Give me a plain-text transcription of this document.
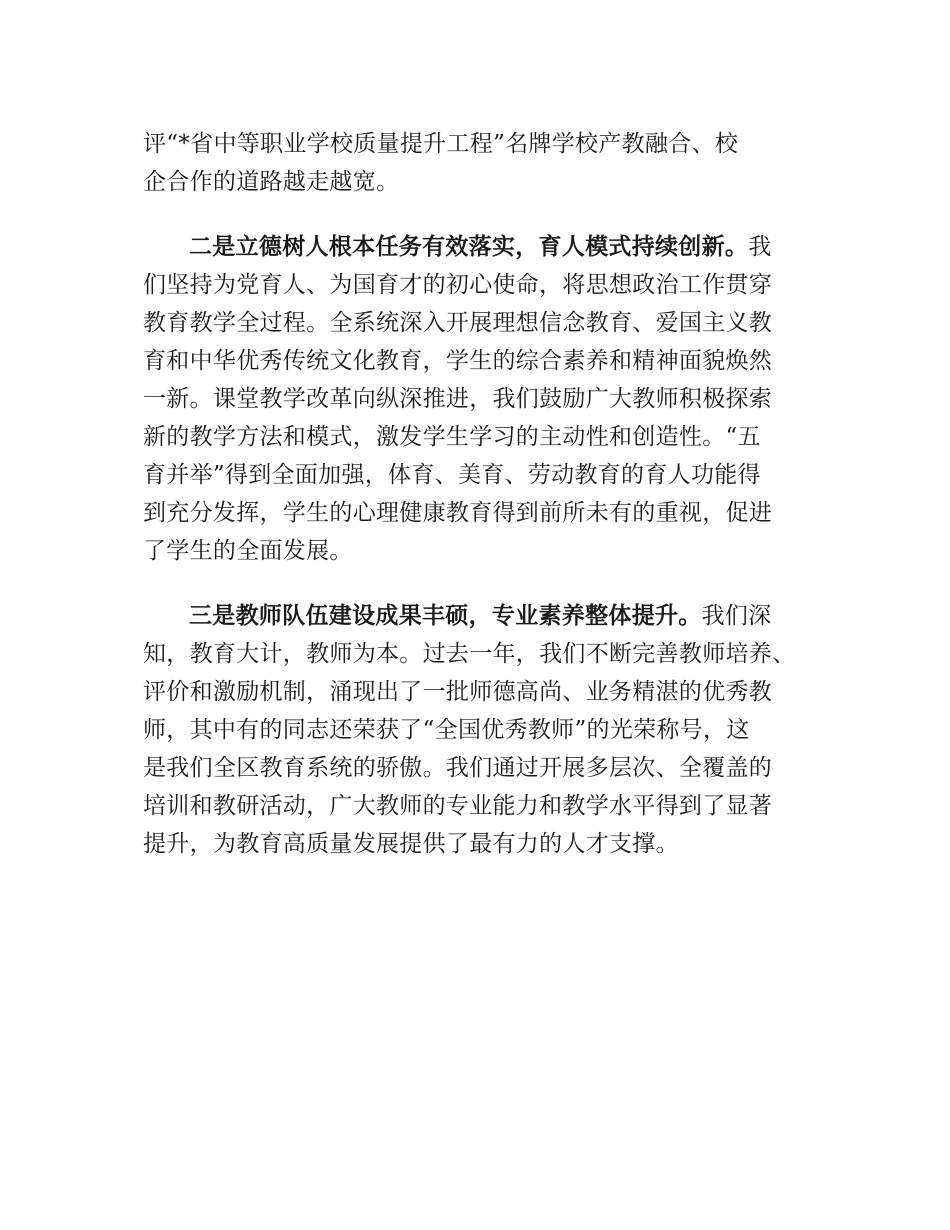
评“*省中等职业学校质量提升工程”名牌学校产教融合、校
企合作的道路越走越宽。

二是立德树人根本任务有效落实，育人模式持续创新。我
们坚持为党育人、为国育才的初心使命，将思想政治工作贯穿
教育教学全过程。全系统深入开展理想信念教育、爱国主义教
育和中华优秀传统文化教育，学生的综合素养和精神面貌焕然
一新。课堂教学改革向纵深推进，我们鼓励广大教师积极探索
新的教学方法和模式，激发学生学习的主动性和创造性。“五
育并举”得到全面加强，体育、美育、劳动教育的育人功能得
到充分发挥，学生的心理健康教育得到前所未有的重视，促进
了学生的全面发展。

三是教师队伍建设成果丰硕，专业素养整体提升。我们深
知，教育大计，教师为本。过去一年，我们不断完善教师培养、
评价和激励机制，涌现出了一批师德高尚、业务精湛的优秀教
师，其中有的同志还荣获了“全国优秀教师”的光荣称号，这
是我们全区教育系统的骄傲。我们通过开展多层次、全覆盖的
培训和教研活动，广大教师的专业能力和教学水平得到了显著
提升，为教育高质量发展提供了最有力的人才支撑。
